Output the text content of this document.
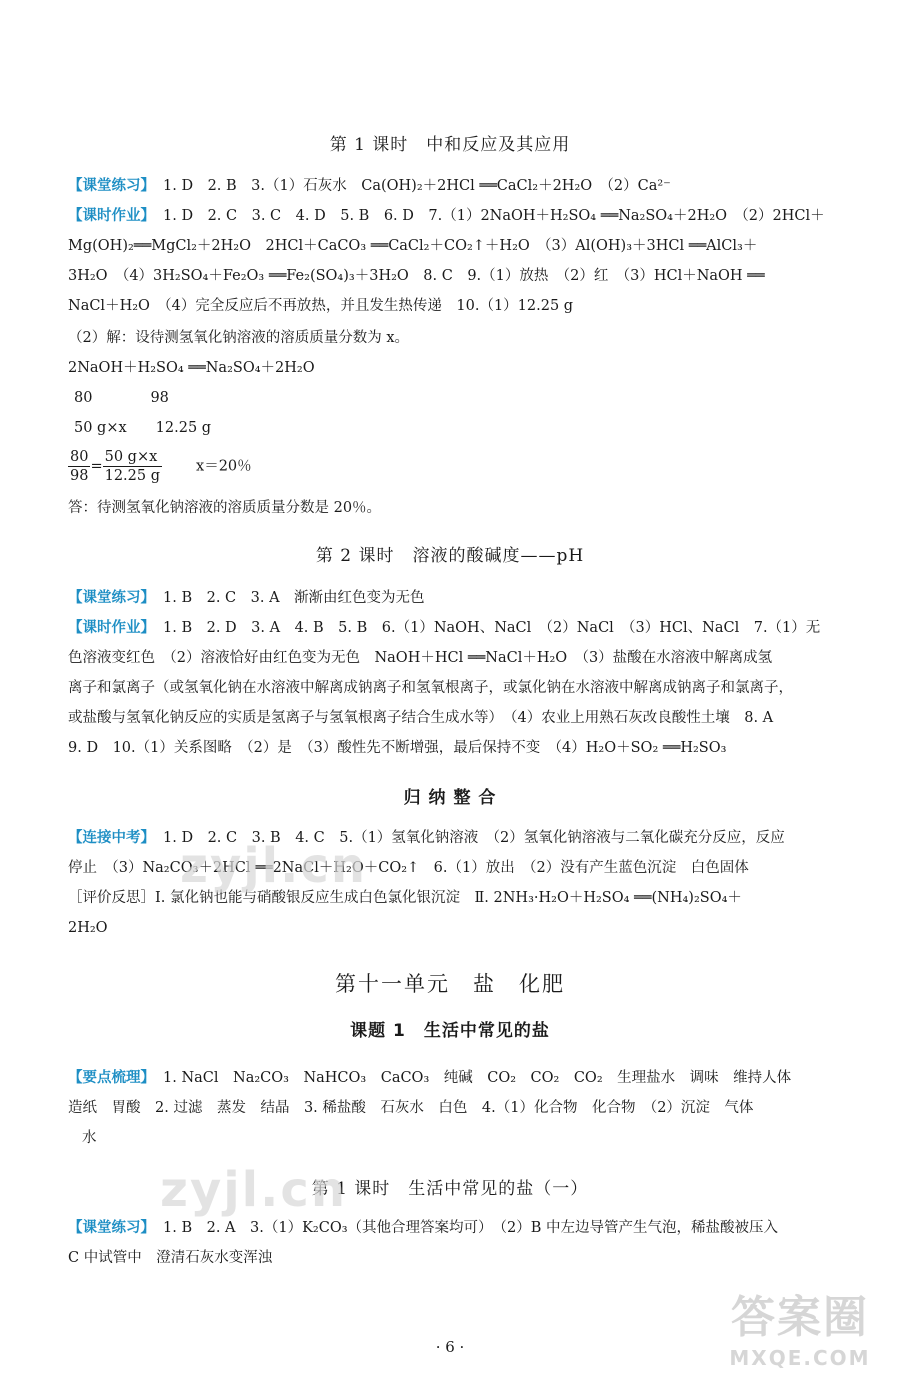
第 1 课时　中和反应及其应用
【课堂练习】 1. D　2. B　3.（1）石灰水　Ca(OH)₂＋2HCl ══CaCl₂＋2H₂O　（2）Ca²⁻
【课时作业】 1. D　2. C　3. C　4. D　5. B　6. D　7.（1）2NaOH＋H₂SO₄ ══Na₂SO₄＋2H₂O　（2）2HCl＋
Mg(OH)₂══MgCl₂＋2H₂O　2HCl＋CaCO₃ ══CaCl₂＋CO₂↑＋H₂O　（3）Al(OH)₃＋3HCl ══AlCl₃＋
3H₂O　（4）3H₂SO₄＋Fe₂O₃ ══Fe₂(SO₄)₃＋3H₂O　8. C　9.（1）放热　（2）红　（3）HCl＋NaOH ══
NaCl＋H₂O　（4）完全反应后不再放热，并且发生热传递　10.（1）12.25 g
（2）解：设待测氢氧化钠溶液的溶质质量分数为 x。
2NaOH＋H₂SO₄ ══Na₂SO₄＋2H₂O
80　　　　98
50 g×x　　12.25 g
$\frac{80}{98} = \frac{50 g\times x}{12.25 g} x=20$％
答：待测氢氧化钠溶液的溶质质量分数是 20％。
第 2 课时　溶液的酸碱度——pH
【课堂练习】 1. B　2. C　3. A　渐渐由红色变为无色
【课时作业】 1. B　2. D　3. A　4. B　5. B　6.（1）NaOH、NaCl　（2）NaCl　（3）HCl、NaCl　7.（1）无
色溶液变红色　（2）溶液恰好由红色变为无色　NaOH＋HCl ══NaCl＋H₂O　（3）盐酸在水溶液中解离成氢
离子和氯离子（或氢氧化钠在水溶液中解离成钠离子和氢氧根离子，或氯化钠在水溶液中解离成钠离子和氯离子，
或盐酸与氢氧化钠反应的实质是氢离子与氢氧根离子结合生成水等）　（4）农业上用熟石灰改良酸性土壤　8. A
9. D　10.（1）关系图略　（2）是　（3）酸性先不断增强，最后保持不变　（4）H₂O＋SO₂ ══H₂SO₃
归 纳 整 合
【连接中考】 1. D　2. C　3. B　4. C　5.（1）氢氧化钠溶液　（2）氢氧化钠溶液与二氧化碳充分反应，反应
停止　（3）Na₂CO₃＋2HCl ══2NaCl＋H₂O＋CO₂↑　6.（1）放出　（2）没有产生蓝色沉淀　白色固体
［评价反思］Ⅰ. 氯化钠也能与硝酸银反应生成白色氯化银沉淀　Ⅱ. 2NH₃·H₂O＋H₂SO₄ ══(NH₄)₂SO₄＋
2H₂O
第十一单元　盐　化肥
课题 1　生活中常见的盐
【要点梳理】 1. NaCl　Na₂CO₃　NaHCO₃　CaCO₃　纯碱　CO₂　CO₂　CO₂　生理盐水　调味　维持人体
造纸　胃酸　2. 过滤　蒸发　结晶　3. 稀盐酸　石灰水　白色　4.（1）化合物　化合物　（2）沉淀　气体
水
第 1 课时　生活中常见的盐（一）
【课堂练习】 1. B　2. A　3.（1）K₂CO₃（其他合理答案均可）　（2）B 中左边导管产生气泡，稀盐酸被压入
C 中试管中　澄清石灰水变浑浊
· 6 ·
zyjl.cn
zyjl.cn
答案圈
MXQE.COM
